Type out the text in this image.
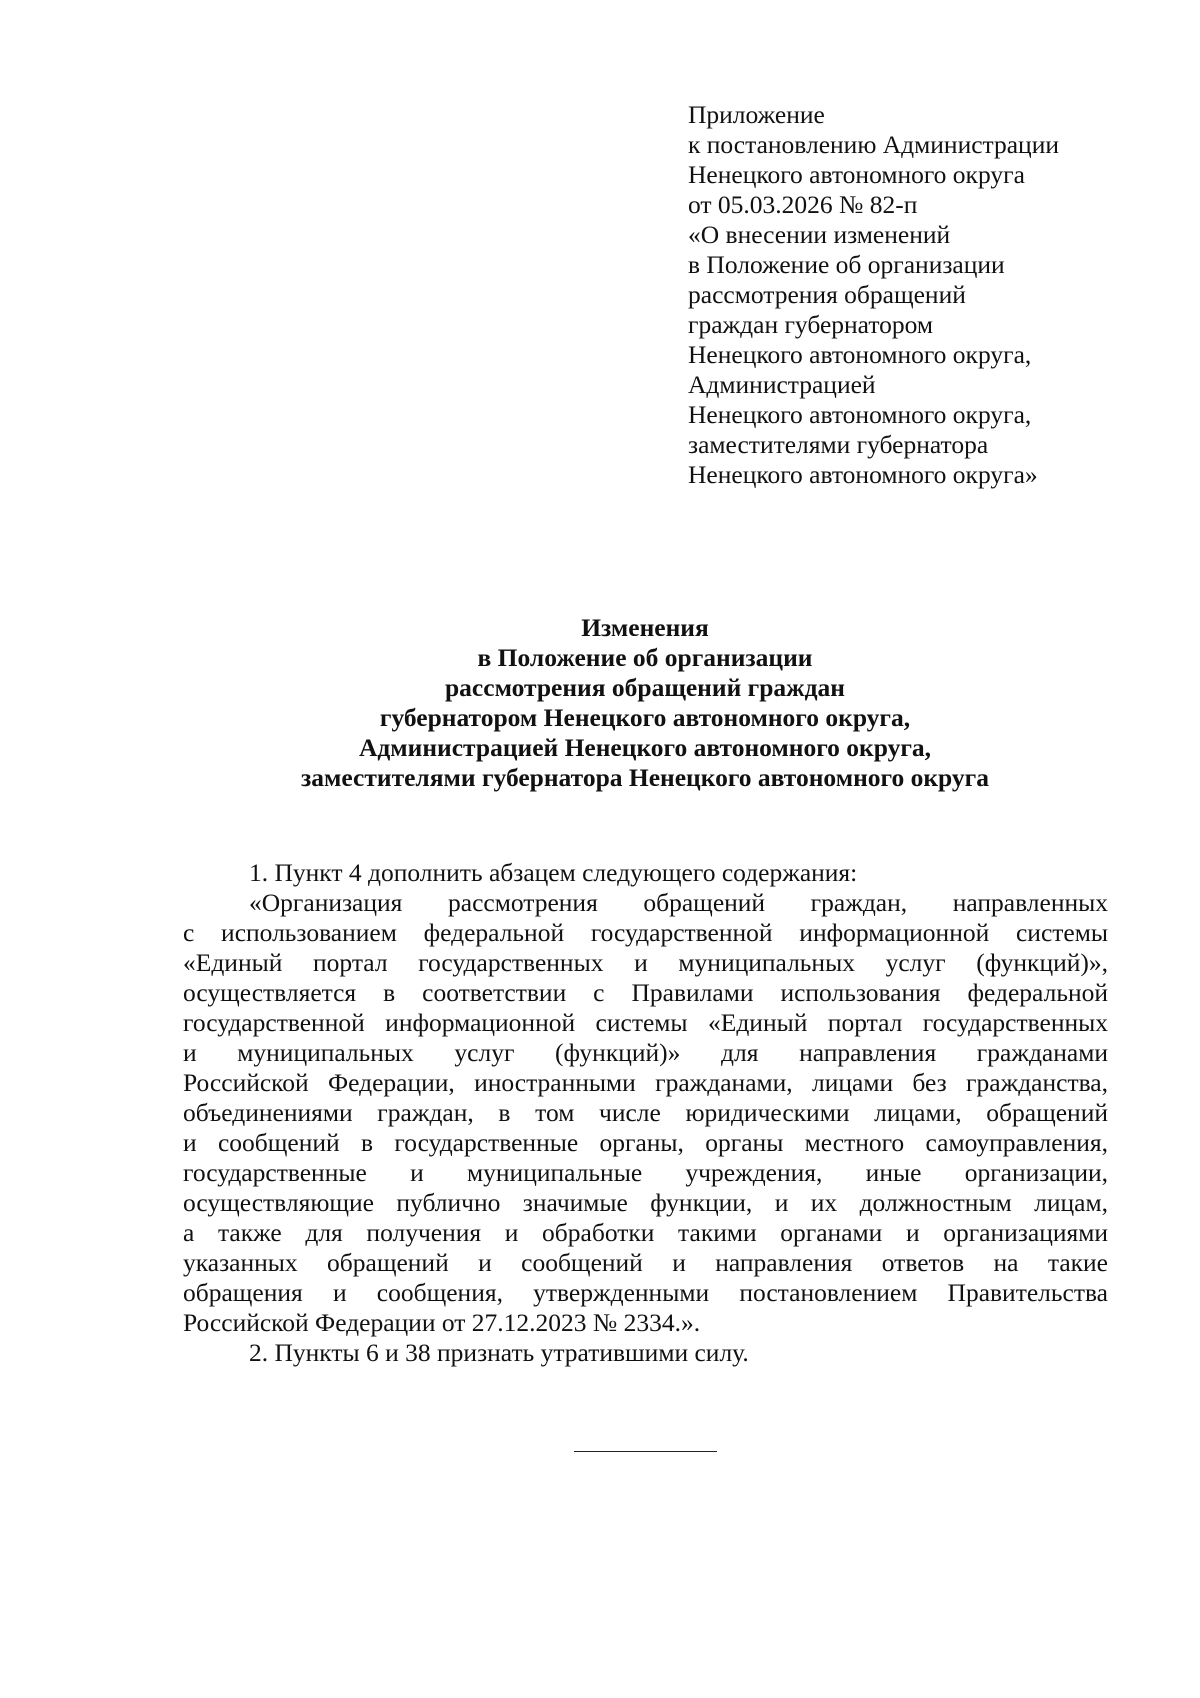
Приложение
к постановлению Администрации
Ненецкого автономного округа
от 05.03.2026 № 82-п
«О внесении изменений
в Положение об организации
рассмотрения обращений
граждан губернатором
Ненецкого автономного округа,
Администрацией
Ненецкого автономного округа,
заместителями губернатора
Ненецкого автономного округа»
Изменения
в Положение об организации
рассмотрения обращений граждан
губернатором Ненецкого автономного округа,
Администрацией Ненецкого автономного округа,
заместителями губернатора Ненецкого автономного округа
1. Пункт 4 дополнить абзацем следующего содержания:
«Организация рассмотрения обращений граждан, направленных
с использованием федеральной государственной информационной системы
«Единый портал государственных и муниципальных услуг (функций)»,
осуществляется в соответствии с Правилами использования федеральной
государственной информационной системы «Единый портал государственных
и муниципальных услуг (функций)» для направления гражданами
Российской Федерации, иностранными гражданами, лицами без гражданства,
объединениями граждан, в том числе юридическими лицами, обращений
и сообщений в государственные органы, органы местного самоуправления,
государственные и муниципальные учреждения, иные организации,
осуществляющие публично значимые функции, и их должностным лицам,
а также для получения и обработки такими органами и организациями
указанных обращений и сообщений и направления ответов на такие
обращения и сообщения, утвержденными постановлением Правительства
Российской Федерации от 27.12.2023 № 2334.».
2. Пункты 6 и 38 признать утратившими силу.
